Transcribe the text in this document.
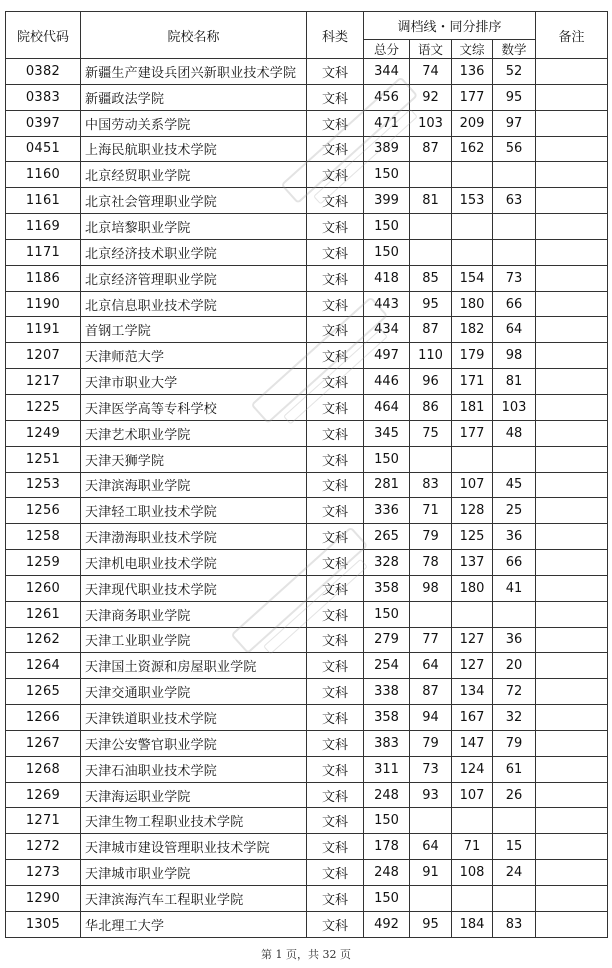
院校代码	院校名称	科类	调档线・同分排序				备注
			总分	语文	文综	数学	
0382	新疆生产建设兵团兴新职业技术学院	文科	344	74	136	52	
0383	新疆政法学院	文科	456	92	177	95	
0397	中国劳动关系学院	文科	471	103	209	97	
0451	上海民航职业技术学院	文科	389	87	162	56	
1160	北京经贸职业学院	文科	150				
1161	北京社会管理职业学院	文科	399	81	153	63	
1169	北京培黎职业学院	文科	150				
1171	北京经济技术职业学院	文科	150				
1186	北京经济管理职业学院	文科	418	85	154	73	
1190	北京信息职业技术学院	文科	443	95	180	66	
1191	首钢工学院	文科	434	87	182	64	
1207	天津师范大学	文科	497	110	179	98	
1217	天津市职业大学	文科	446	96	171	81	
1225	天津医学高等专科学校	文科	464	86	181	103	
1249	天津艺术职业学院	文科	345	75	177	48	
1251	天津天狮学院	文科	150				
1253	天津滨海职业学院	文科	281	83	107	45	
1256	天津轻工职业技术学院	文科	336	71	128	25	
1258	天津渤海职业技术学院	文科	265	79	125	36	
1259	天津机电职业技术学院	文科	328	78	137	66	
1260	天津现代职业技术学院	文科	358	98	180	41	
1261	天津商务职业学院	文科	150				
1262	天津工业职业学院	文科	279	77	127	36	
1264	天津国土资源和房屋职业学院	文科	254	64	127	20	
1265	天津交通职业学院	文科	338	87	134	72	
1266	天津铁道职业技术学院	文科	358	94	167	32	
1267	天津公安警官职业学院	文科	383	79	147	79	
1268	天津石油职业技术学院	文科	311	73	124	61	
1269	天津海运职业学院	文科	248	93	107	26	
1271	天津生物工程职业技术学院	文科	150				
1272	天津城市建设管理职业技术学院	文科	178	64	71	15	
1273	天津城市职业学院	文科	248	91	108	24	
1290	天津滨海汽车工程职业学院	文科	150				
1305	华北理工大学	文科	492	95	184	83	
第 1 页，共 32 页
